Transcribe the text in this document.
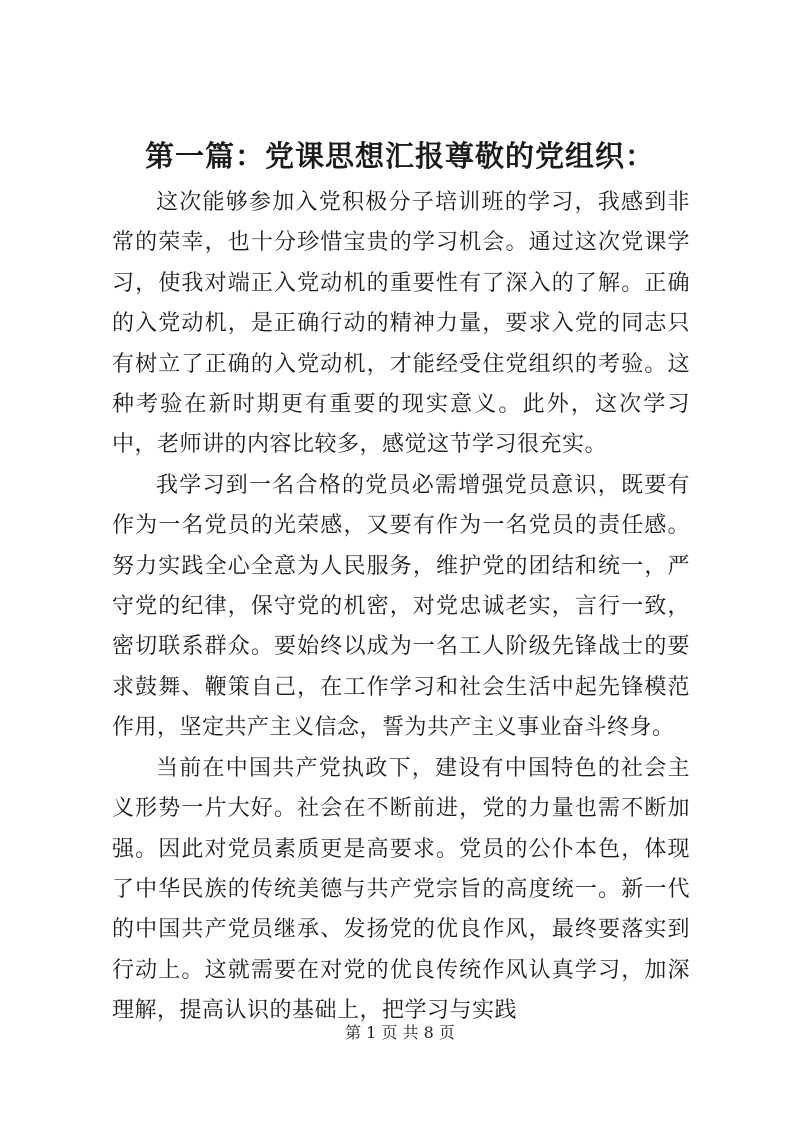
第一篇：党课思想汇报尊敬的党组织：

这次能够参加入党积极分子培训班的学习，我感到非常的荣幸，也十分珍惜宝贵的学习机会。通过这次党课学习，使我对端正入党动机的重要性有了深入的了解。正确的入党动机，是正确行动的精神力量，要求入党的同志只有树立了正确的入党动机，才能经受住党组织的考验。这种考验在新时期更有重要的现实意义。此外，这次学习中，老师讲的内容比较多，感觉这节学习很充实。

我学习到一名合格的党员必需增强党员意识，既要有作为一名党员的光荣感，又要有作为一名党员的责任感。努力实践全心全意为人民服务，维护党的团结和统一，严守党的纪律，保守党的机密，对党忠诚老实，言行一致，密切联系群众。要始终以成为一名工人阶级先锋战士的要求鼓舞、鞭策自己，在工作学习和社会生活中起先锋模范作用，坚定共产主义信念，誓为共产主义事业奋斗终身。

当前在中国共产党执政下，建设有中国特色的社会主义形势一片大好。社会在不断前进，党的力量也需不断加强。因此对党员素质更是高要求。党员的公仆本色，体现了中华民族的传统美德与共产党宗旨的高度统一。新一代的中国共产党员继承、发扬党的优良作风，最终要落实到行动上。这就需要在对党的优良传统作风认真学习，加深理解，提高认识的基础上，把学习与实践

第 1 页 共 8 页
